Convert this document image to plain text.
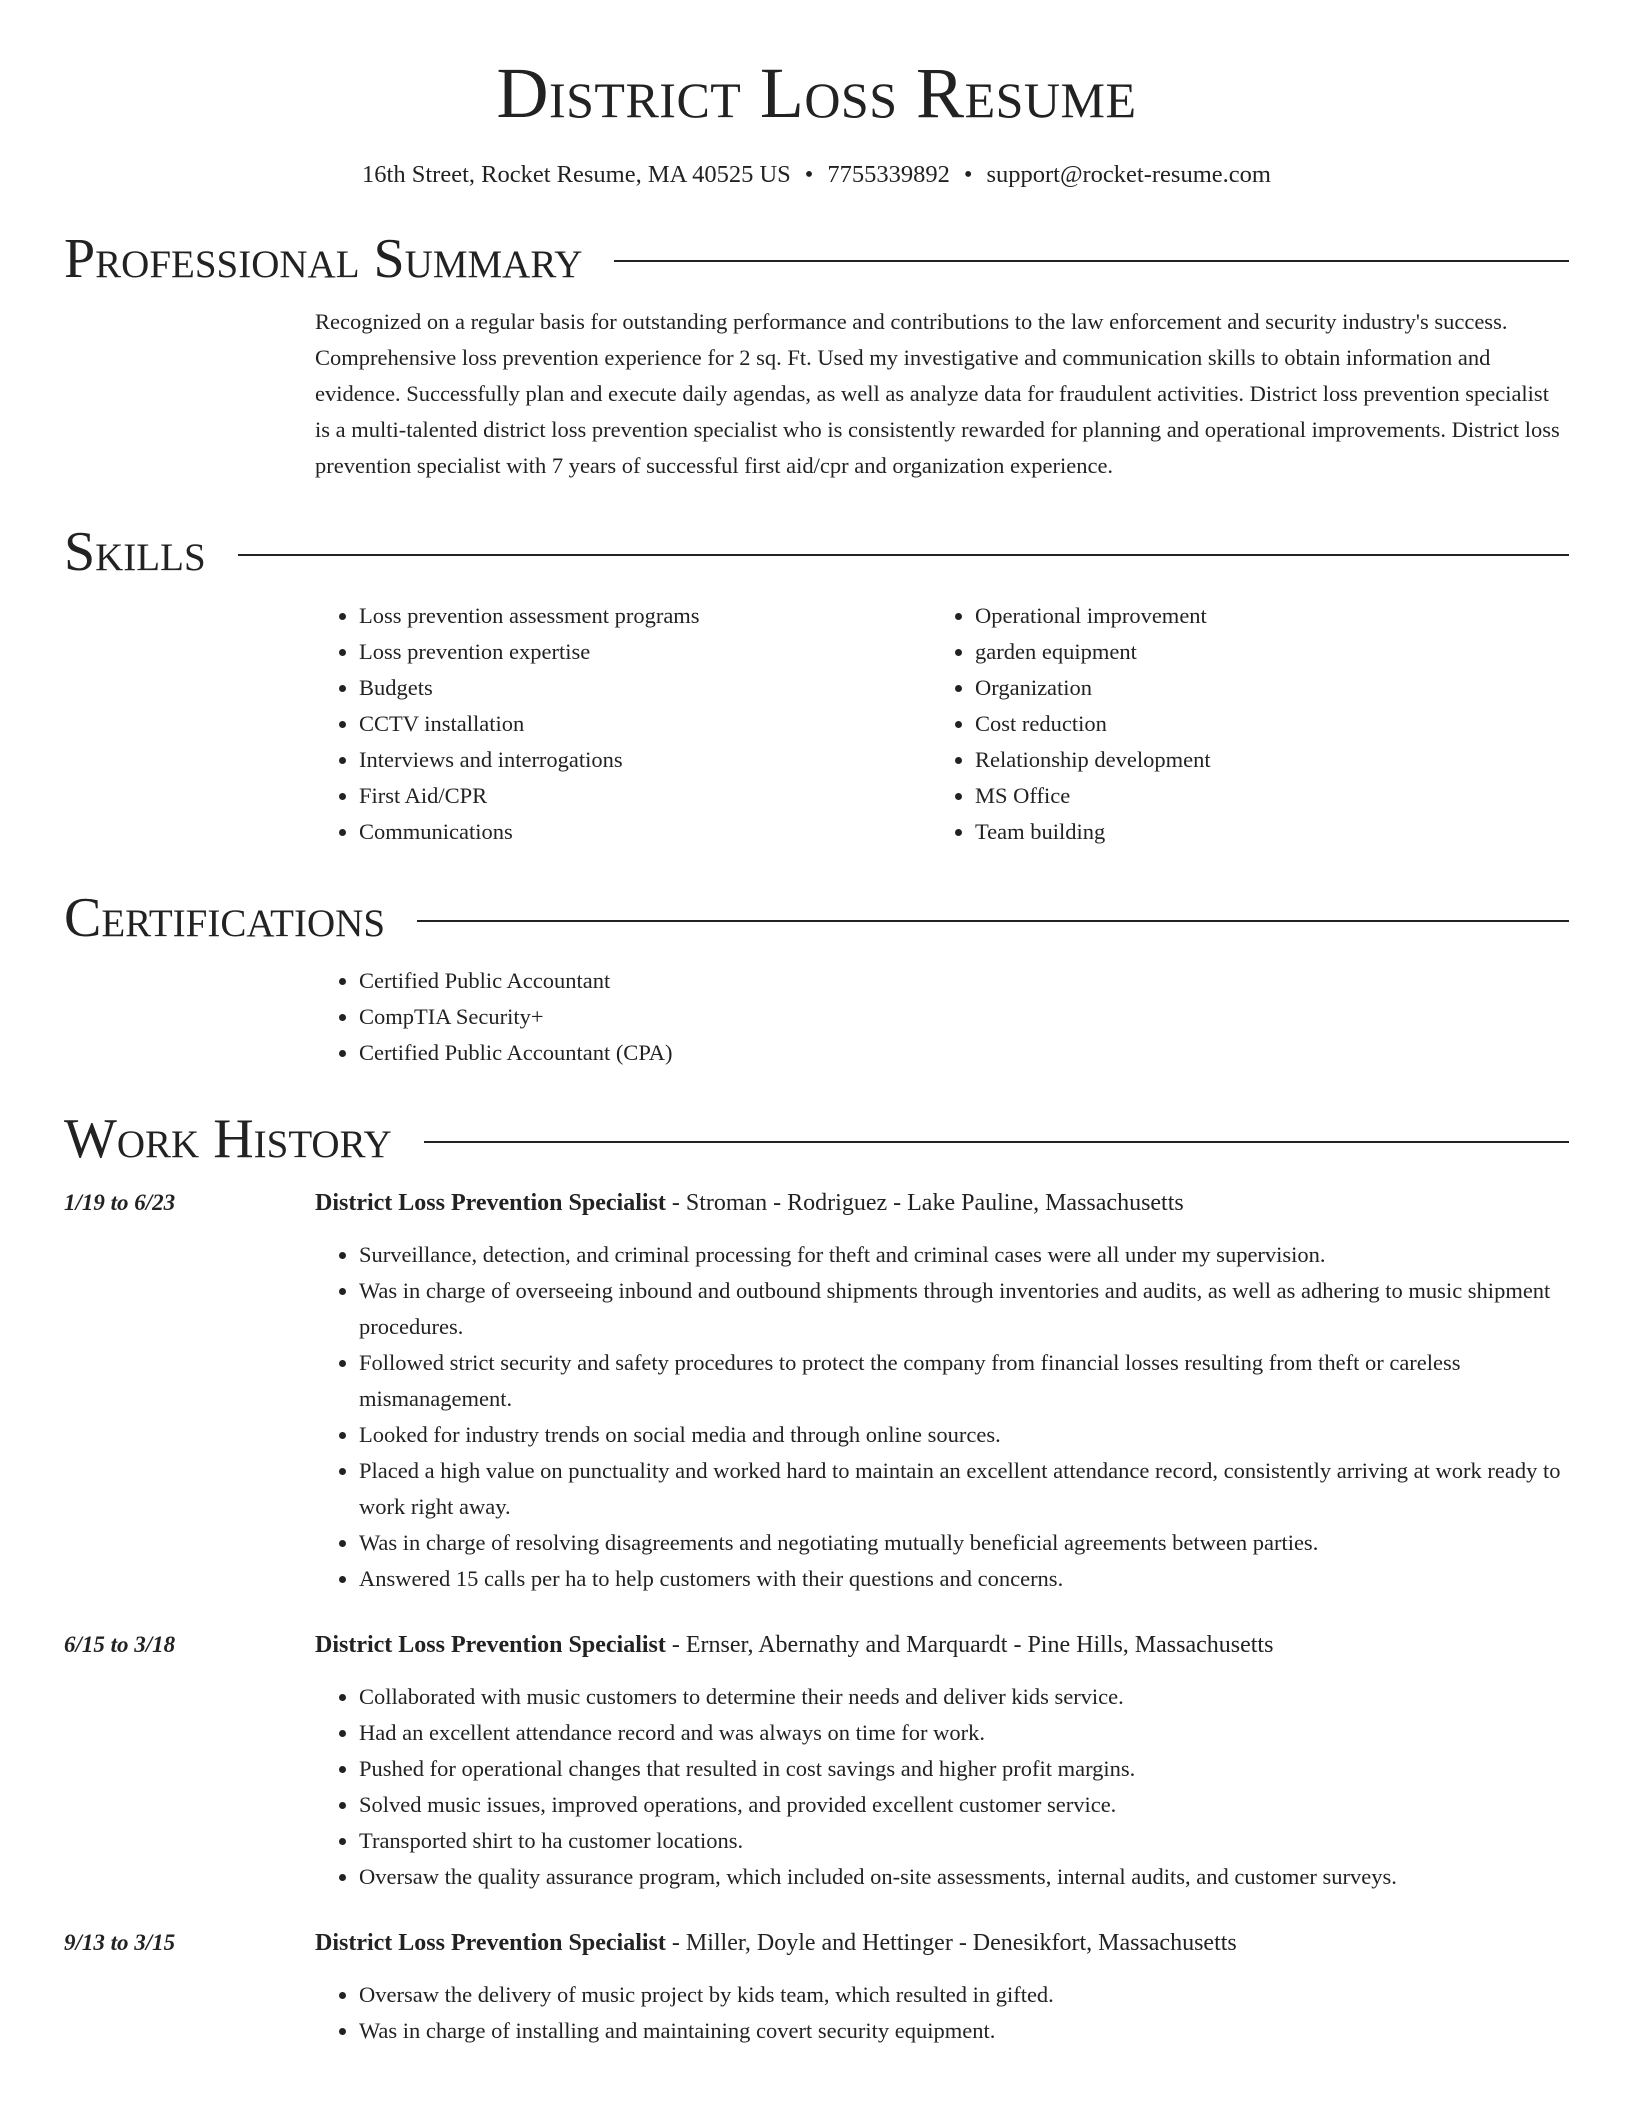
District Loss Resume
16th Street, Rocket Resume, MA 40525 US • 7755339892 • support@rocket-resume.com
Professional Summary

Recognized on a regular basis for outstanding performance and contributions to the law enforcement and security industry's success. Comprehensive loss prevention experience for 2 sq. Ft. Used my investigative and communication skills to obtain information and evidence. Successfully plan and execute daily agendas, as well as analyze data for fraudulent activities. District loss prevention specialist is a multi-talented district loss prevention specialist who is consistently rewarded for planning and operational improvements. District loss prevention specialist with 7 years of successful first aid/cpr and organization experience.

Skills
• Loss prevention assessment programs
• Loss prevention expertise
• Budgets
• CCTV installation
• Interviews and interrogations
• First Aid/CPR
• Communications
• Operational improvement
• garden equipment
• Organization
• Cost reduction
• Relationship development
• MS Office
• Team building
Certifications
• Certified Public Accountant
• CompTIA Security+
• Certified Public Accountant (CPA)
Work History
1/19 to 6/23	District Loss Prevention Specialist - Stroman - Rodriguez - Lake Pauline, Massachusetts
• Surveillance, detection, and criminal processing for theft and criminal cases were all under my supervision.
• Was in charge of overseeing inbound and outbound shipments through inventories and audits, as well as adhering to music shipment procedures.
• Followed strict security and safety procedures to protect the company from financial losses resulting from theft or careless mismanagement.
• Looked for industry trends on social media and through online sources.
• Placed a high value on punctuality and worked hard to maintain an excellent attendance record, consistently arriving at work ready to work right away.
• Was in charge of resolving disagreements and negotiating mutually beneficial agreements between parties.
• Answered 15 calls per ha to help customers with their questions and concerns.
6/15 to 3/18	District Loss Prevention Specialist - Ernser, Abernathy and Marquardt - Pine Hills, Massachusetts
• Collaborated with music customers to determine their needs and deliver kids service.
• Had an excellent attendance record and was always on time for work.
• Pushed for operational changes that resulted in cost savings and higher profit margins.
• Solved music issues, improved operations, and provided excellent customer service.
• Transported shirt to ha customer locations.
• Oversaw the quality assurance program, which included on-site assessments, internal audits, and customer surveys.
9/13 to 3/15	District Loss Prevention Specialist - Miller, Doyle and Hettinger - Denesikfort, Massachusetts
• Oversaw the delivery of music project by kids team, which resulted in gifted.
• Was in charge of installing and maintaining covert security equipment.
